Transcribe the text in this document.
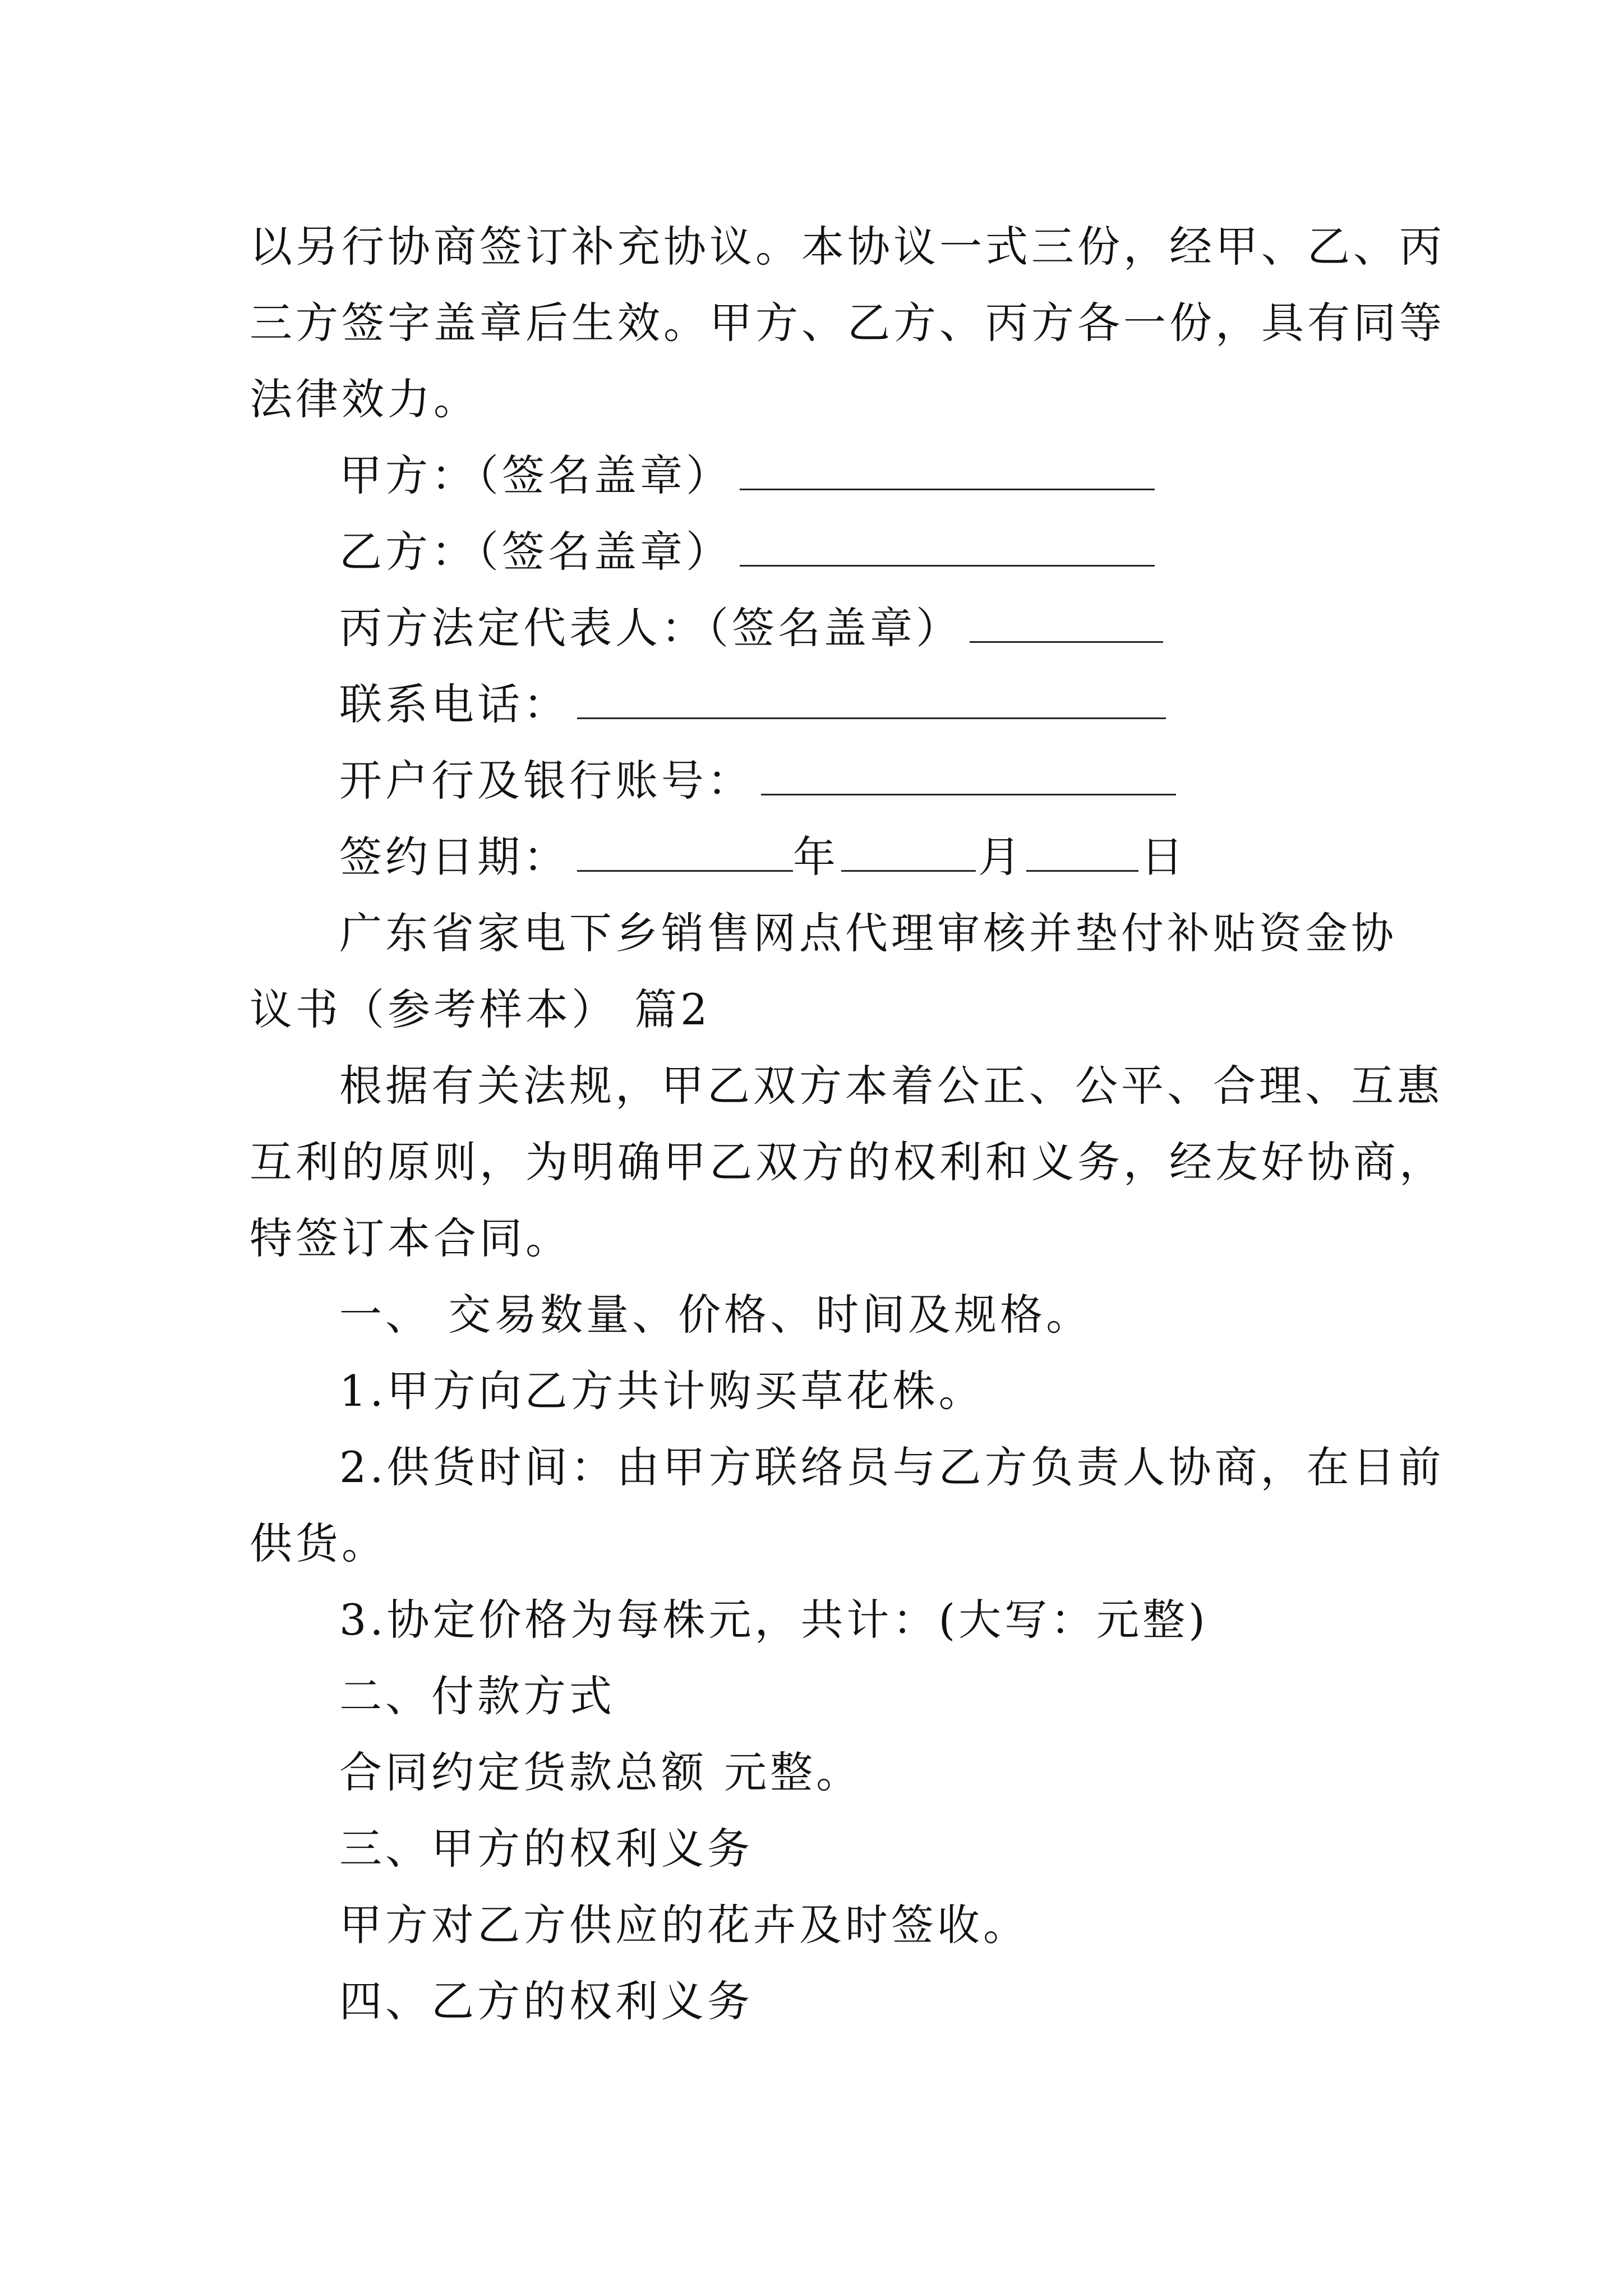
以另行协商签订补充协议。本协议一式三份，经甲、乙、丙
三方签字盖章后生效。甲方、乙方、丙方各一份，具有同等
法律效力。
甲方：（签名盖章）
乙方：（签名盖章）
丙方法定代表人：（签名盖章）
联系电话：
开户行及银行账号：
签约日期：	年	月	日
广东省家电下乡销售网点代理审核并垫付补贴资金协
议书（参考样本） 篇2
根据有关法规，甲乙双方本着公正、公平、合理、互惠
互利的原则，为明确甲乙双方的权利和义务，经友好协商，
特签订本合同。
一、 交易数量、价格、时间及规格。
1.甲方向乙方共计购买草花株。
2.供货时间：由甲方联络员与乙方负责人协商，在日前
供货。
3.协定价格为每株元，共计：(大写：元整)
二、付款方式
合同约定货款总额 元整。
三、甲方的权利义务
甲方对乙方供应的花卉及时签收。
四、乙方的权利义务
